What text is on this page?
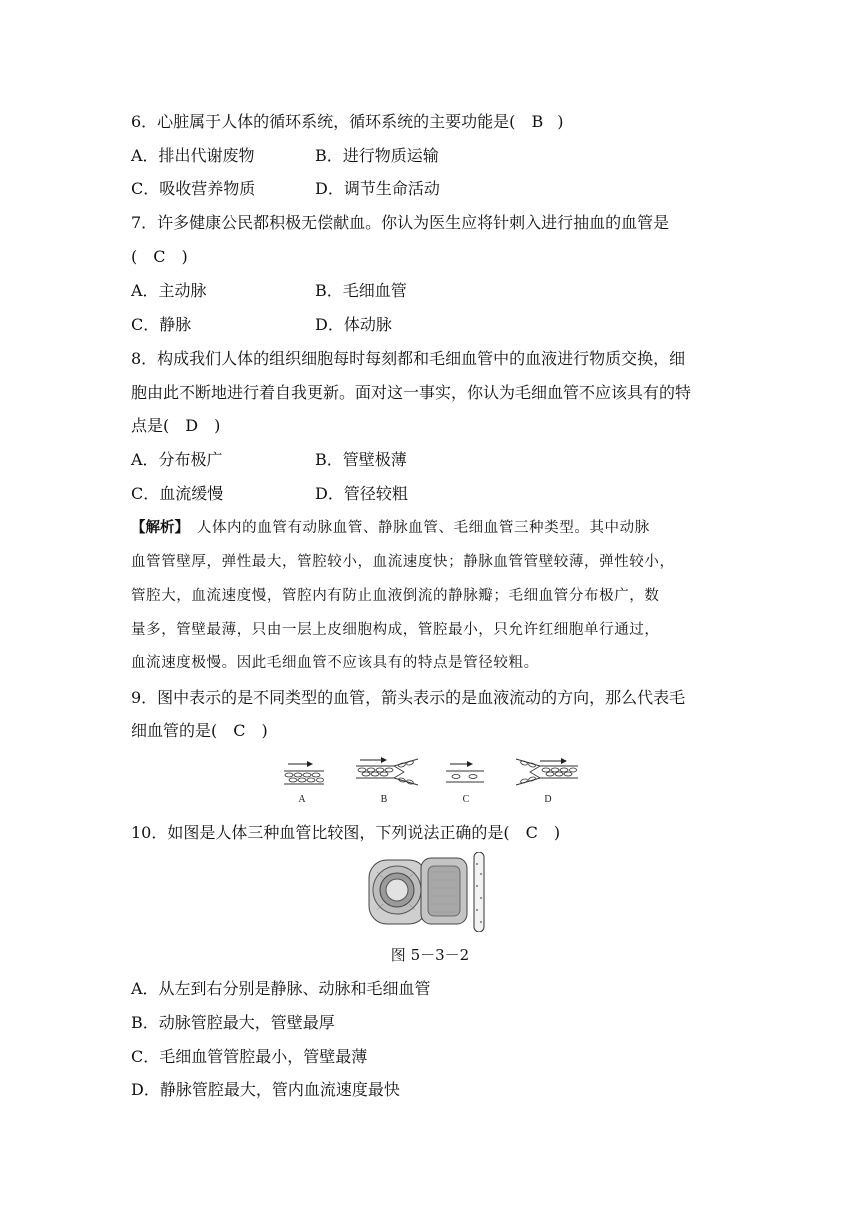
6．心脏属于人体的循环系统，循环系统的主要功能是( B )
A．排出代谢废物	B．进行物质运输
C．吸收营养物质	D．调节生命活动
7．许多健康公民都积极无偿献血。你认为医生应将针刺入进行抽血的血管是
( C )
A．主动脉	B．毛细血管
C．静脉	D．体动脉
8．构成我们人体的组织细胞每时每刻都和毛细血管中的血液进行物质交换，细
胞由此不断地进行着自我更新。面对这一事实，你认为毛细血管不应该具有的特
点是( D )
A．分布极广	B．管壁极薄
C．血流缓慢	D．管径较粗
【解析】  人体内的血管有动脉血管、静脉血管、毛细血管三种类型。其中动脉
血管管壁厚，弹性最大，管腔较小，血流速度快；静脉血管管壁较薄，弹性较小，
管腔大，血流速度慢，管腔内有防止血液倒流的静脉瓣；毛细血管分布极广，数
量多，管壁最薄，只由一层上皮细胞构成，管腔最小，只允许红细胞单行通过，
血流速度极慢。因此毛细血管不应该具有的特点是管径较粗。
9．图中表示的是不同类型的血管，箭头表示的是血液流动的方向，那么代表毛
细血管的是( C )
A	B	C	D
10．如图是人体三种血管比较图，下列说法正确的是( C )
图 5－3－2
A．从左到右分别是静脉、动脉和毛细血管
B．动脉管腔最大，管壁最厚
C．毛细血管管腔最小，管壁最薄
D．静脉管腔最大，管内血流速度最快
